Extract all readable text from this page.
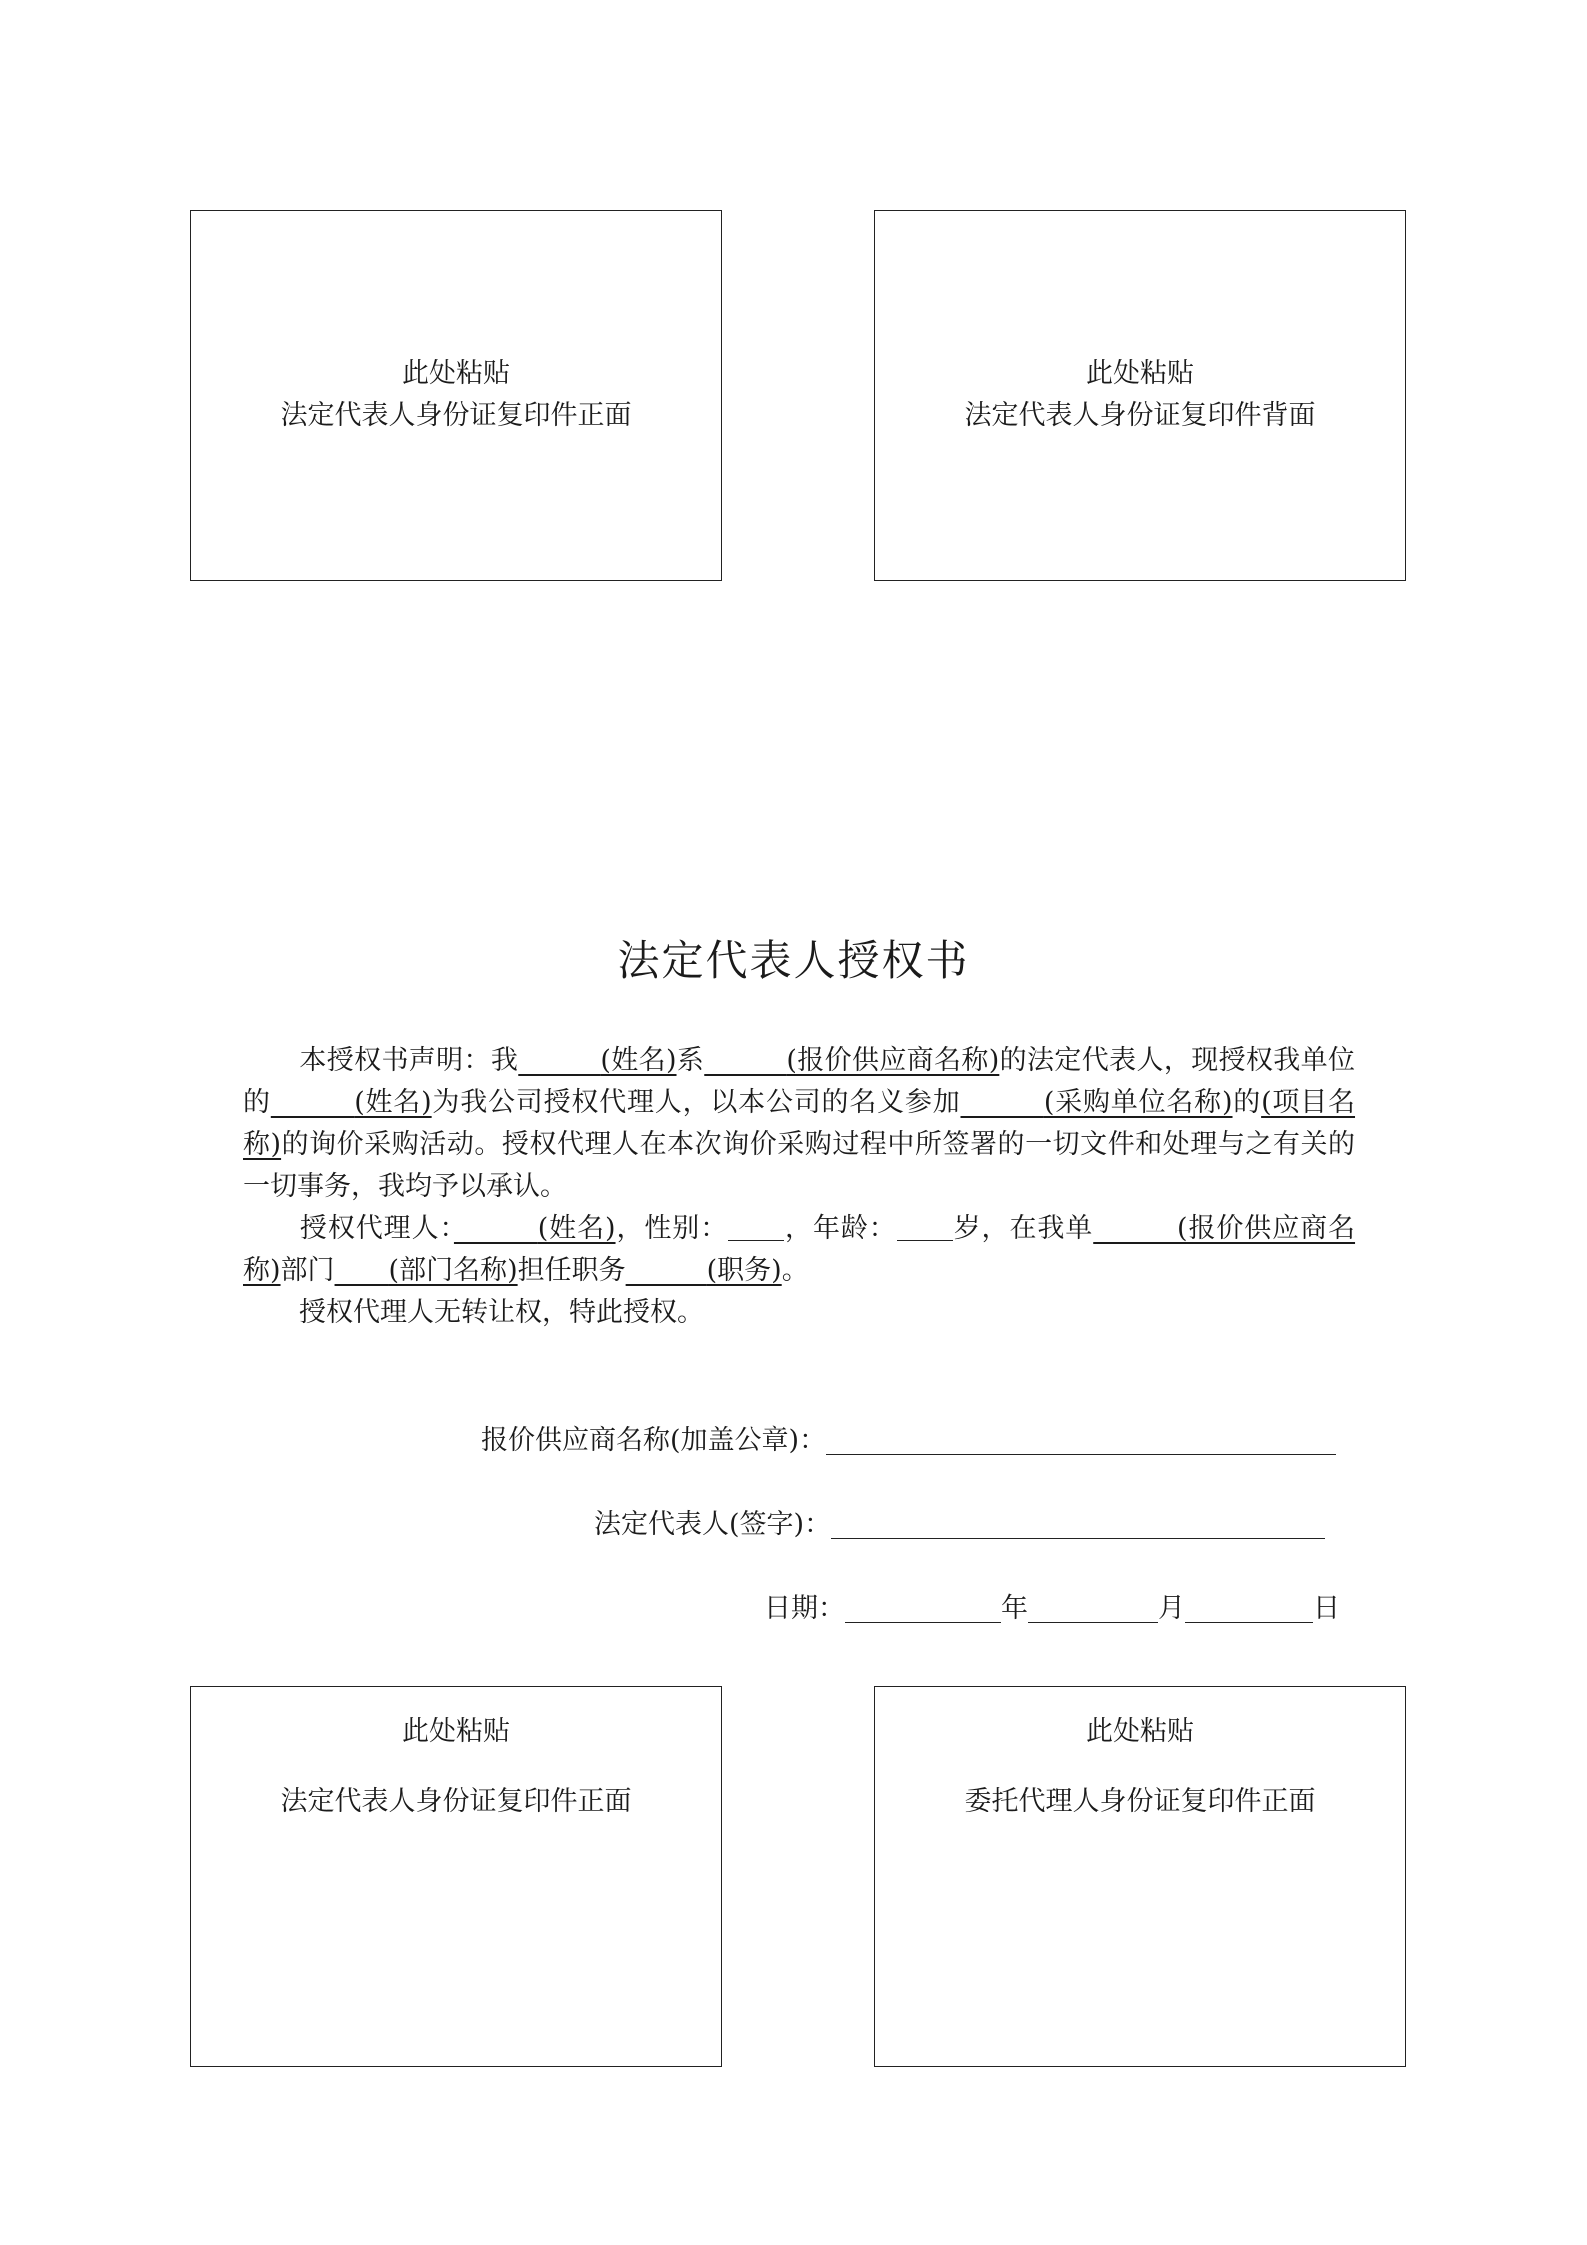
此处粘贴
法定代表人身份证复印件正面
此处粘贴
法定代表人身份证复印件背面
法定代表人授权书

本授权书声明：我　　　	(姓名)系　　　	(报价供应商名称)的法定代表人，现授权我单位的　　　	(姓名)为我公司授权代理人，以本公司的名义参加　　　	(采购单位名称)的(项目名称)的询价采购活动。授权代理人在本次询价采购过程中所签署的一切文件和处理与之有关的一切事务，我均予以承认。

授权代理人：　　　	(姓名)，性别： ，年龄： 岁，在我单　　　	(报价供应商名称)部门　　 (部门名称)担任职务　　　	(职务)。

授权代理人无转让权，特此授权。

报价供应商名称(加盖公章)：
法定代表人(签字)：
日期：	年	月	日
此处粘贴
法定代表人身份证复印件正面
此处粘贴
委托代理人身份证复印件正面
